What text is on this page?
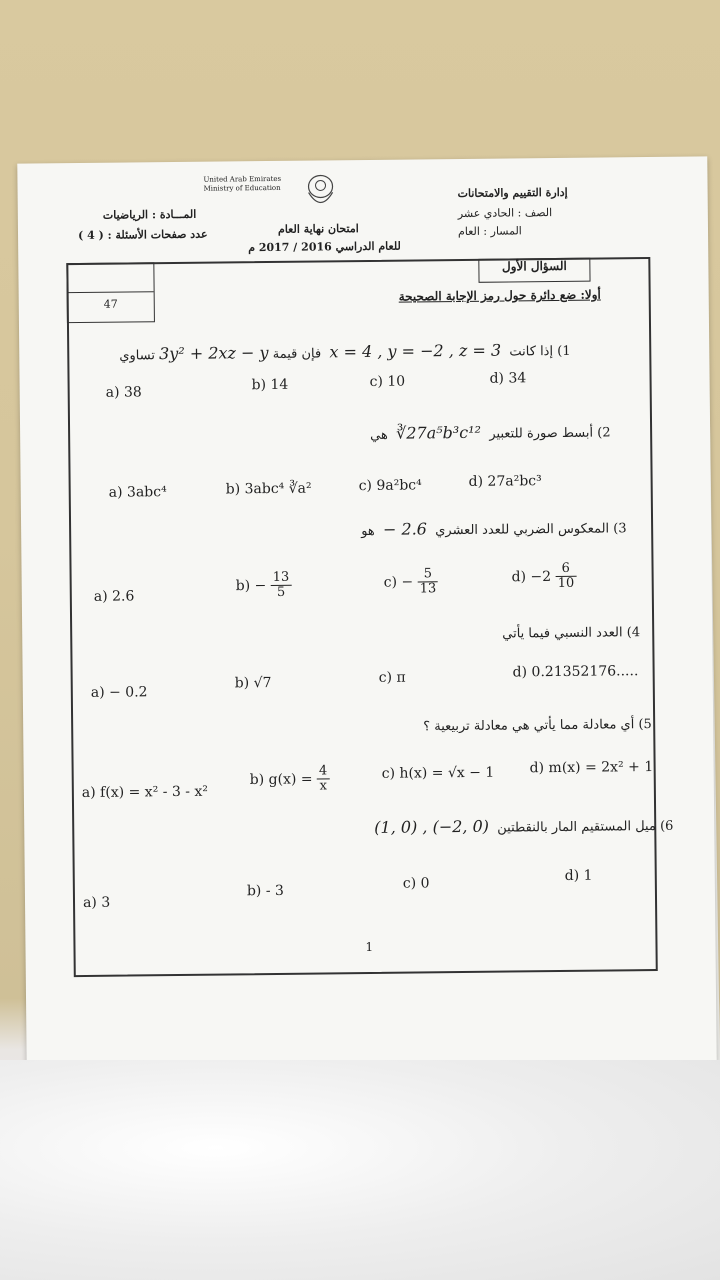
إدارة التقييم والامتحانات
الصف : الحادي عشر
المسار : العام
United Arab Emirates
Ministry of Education
امتحان نهاية العام
للعام الدراسي 2016 / 2017 م
المـــادة : الرياضيات
عدد صفحات الأسئلة : ( 4 )
47
السؤال الأول
أولا: ضع دائرة حول رمز الإجابة الصحيحة
1) إذا كانت  x = 4 , y = −2 , z = 3  فإن قيمة 3y² + 2xz − y تساوي
a) 38	b) 14	c) 10	d) 34
2) أبسط صورة للتعبير  ∛27a⁵b³c¹²  هي
a) 3abc⁴	b) 3abc⁴ ∛a²	c) 9a²bc⁴	d) 27a²bc³
3) المعكوس الضربي للعدد العشري  − 2.6  هو
a) 2.6
$b) - \frac{13}{5}$	$c) - \frac{5}{13}$	$d) -2 \frac{6}{10}$
4) العدد النسبي فيما يأتي
a) − 0.2
b) √7	c) π	d) 0.21352176.....
5) أي معادلة مما يأتي هي معادلة تربيعية ؟
a) f(x) = x² - 3 - x²
b) $g(x) = \frac{4}{x}$	c) h(x) = √x − 1	d) m(x) = 2x² + 1
6) ميل المستقيم المار بالنقطتين  (1, 0) , (−2, 0)
a) 3
b) - 3	c) 0	d) 1
1
